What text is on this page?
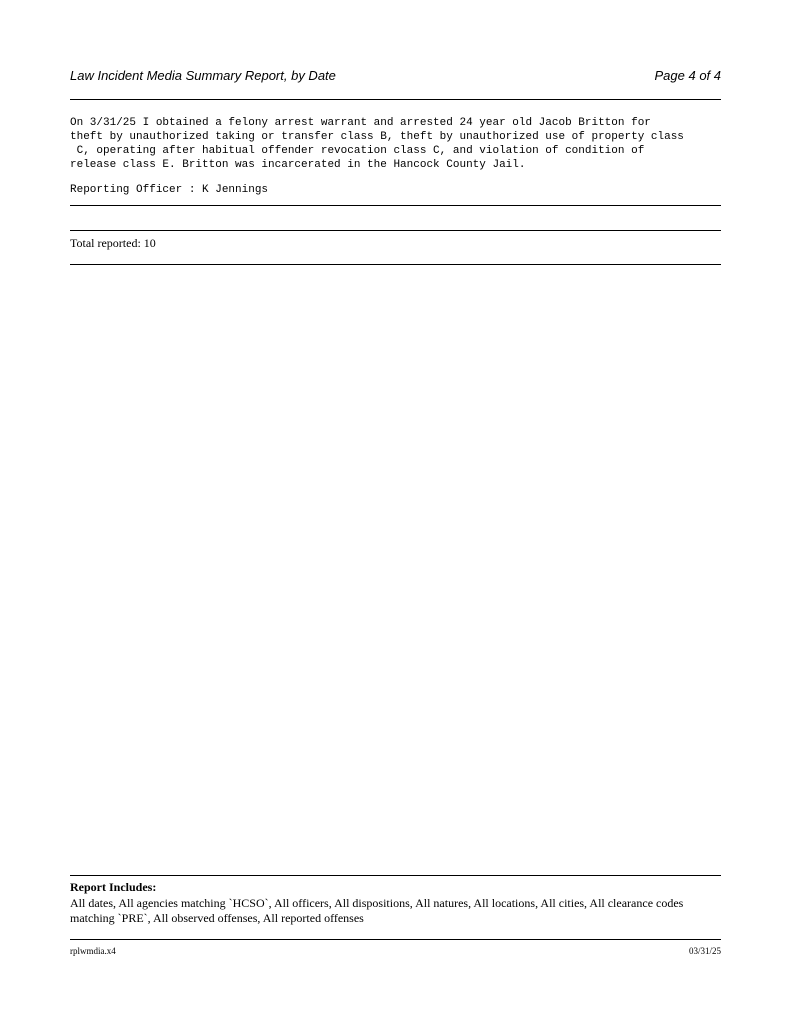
Law Incident Media Summary Report, by Date	Page 4 of 4
On 3/31/25 I obtained a felony arrest warrant and arrested 24 year old Jacob Britton for
theft by unauthorized taking or transfer class B, theft by unauthorized use of property class
C, operating after habitual offender revocation class C, and violation of condition of
release class E. Britton was incarcerated in the Hancock County Jail.
Reporting Officer : K Jennings
Total reported: 10
Report Includes:
All dates, All agencies matching `HCSO`, All officers, All dispositions, All natures, All locations, All cities, All clearance codes matching `PRE`, All observed offenses, All reported offenses
rplwmdia.x4	03/31/25
